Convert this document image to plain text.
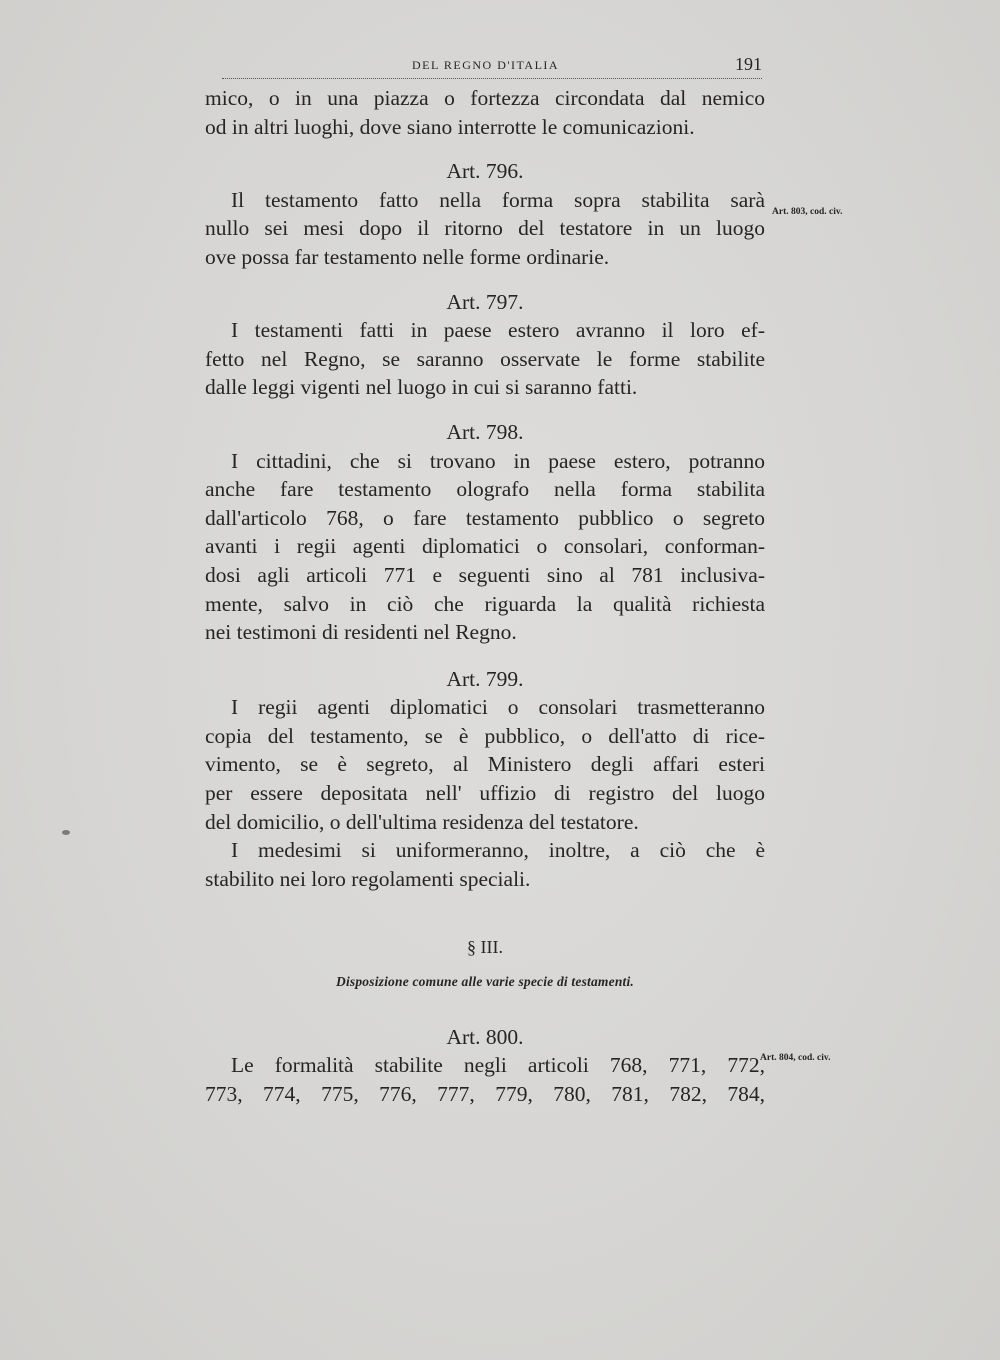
DEL REGNO D'ITALIA	191
mico, o in una piazza o fortezza circondata dal nemico
od in altri luoghi, dove siano interrotte le comunicazioni.
Art. 796.
Il testamento fatto nella forma sopra stabilita sarà
nullo sei mesi dopo il ritorno del testatore in un luogo
ove possa far testamento nelle forme ordinarie.
Art. 797.
I testamenti fatti in paese estero avranno il loro ef-
fetto nel Regno, se saranno osservate le forme stabilite
dalle leggi vigenti nel luogo in cui si saranno fatti.
Art. 798.
I cittadini, che si trovano in paese estero, potranno
anche fare testamento olografo nella forma stabilita
dall'articolo 768, o fare testamento pubblico o segreto
avanti i regii agenti diplomatici o consolari, conforman-
dosi agli articoli 771 e seguenti sino al 781 inclusiva-
mente, salvo in ciò che riguarda la qualità richiesta
nei testimoni di residenti nel Regno.
Art. 799.
I regii agenti diplomatici o consolari trasmetteranno
copia del testamento, se è pubblico, o dell'atto di rice-
vimento, se è segreto, al Ministero degli affari esteri
per essere depositata nell' uffizio di registro del luogo
del domicilio, o dell'ultima residenza del testatore.
I medesimi si uniformeranno, inoltre, a ciò che è
stabilito nei loro regolamenti speciali.
§ III.
Disposizione comune alle varie specie di testamenti.
Art. 800.
Le formalità stabilite negli articoli 768, 771, 772,
773, 774, 775, 776, 777, 779, 780, 781, 782, 784,
Art. 803, cod. civ.
Art. 804, cod. civ.
